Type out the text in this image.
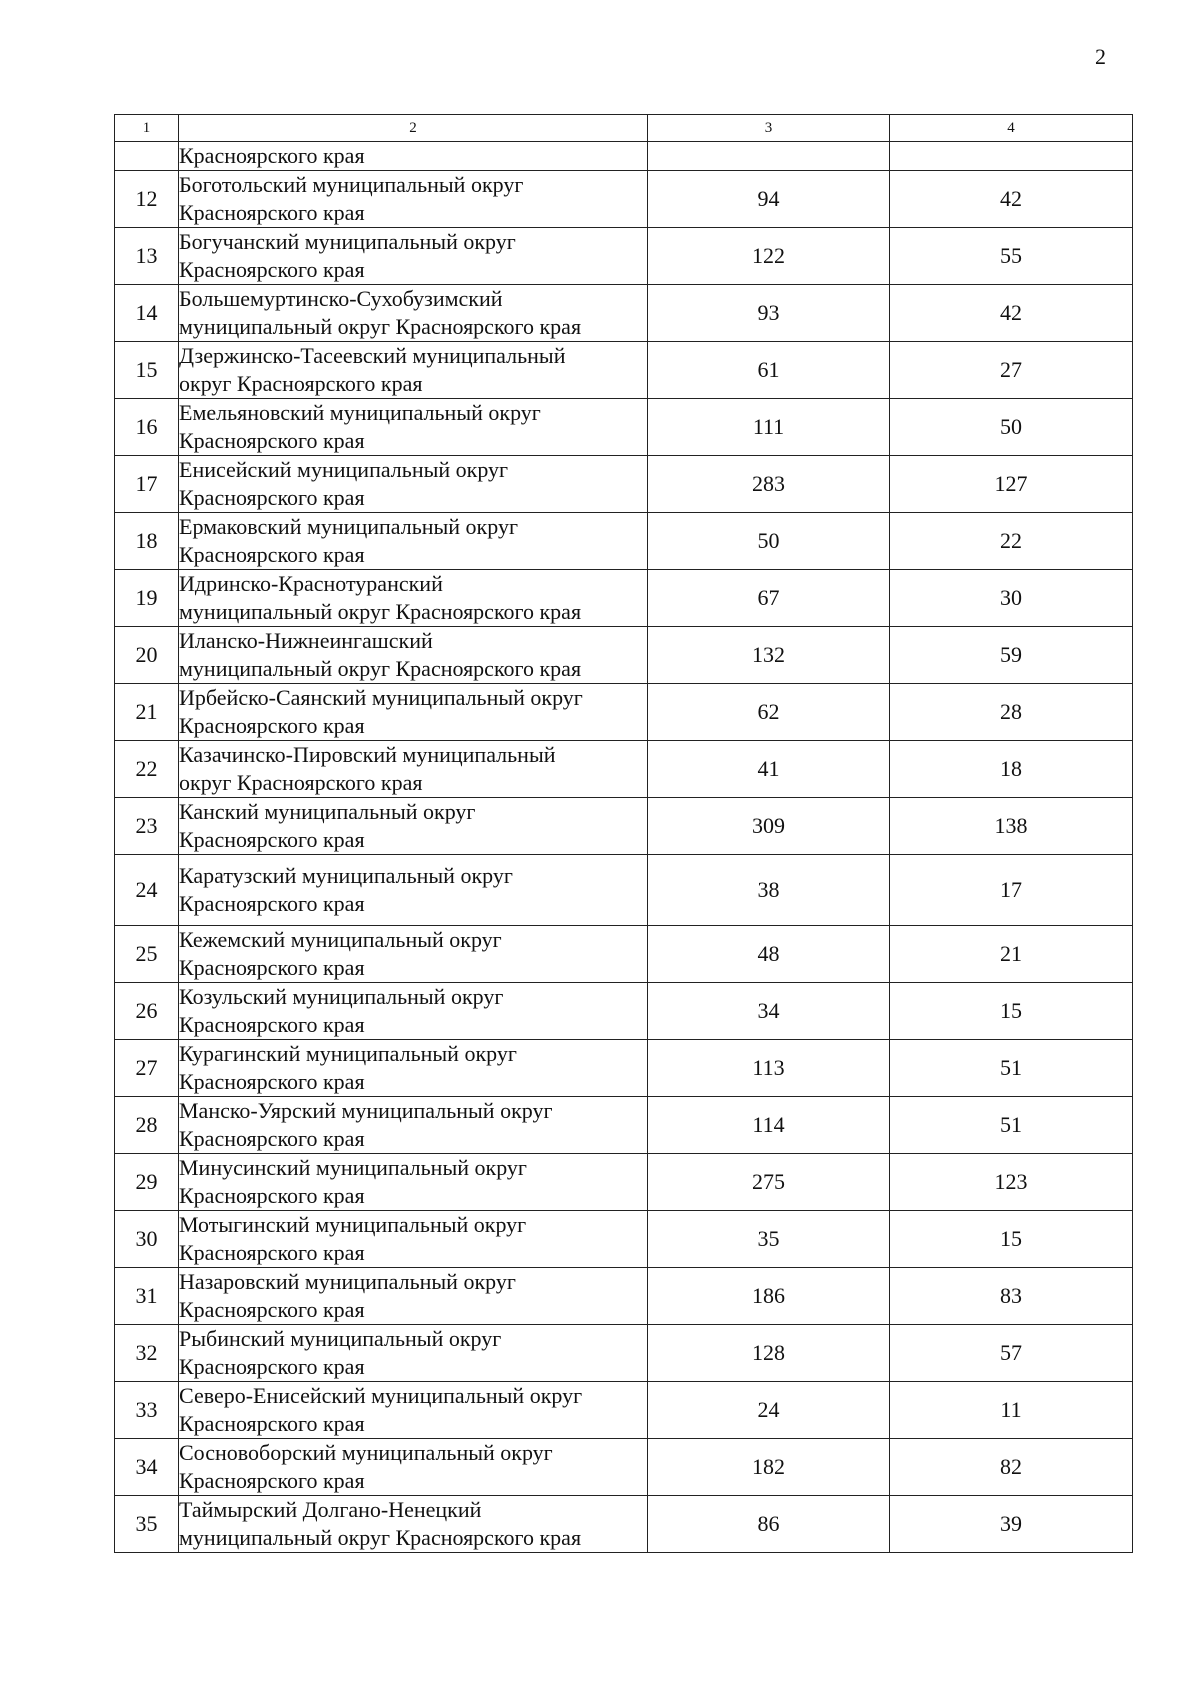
2
1	2	3	4
	Красноярского края		
12	Боготольский муниципальный округ
Красноярского края	94	42
13	Богучанский муниципальный округ
Красноярского края	122	55
14	Большемуртинско-Сухобузимский
муниципальный округ Красноярского края	93	42
15	Дзержинско-Тасеевский муниципальный
округ Красноярского края	61	27
16	Емельяновский муниципальный округ
Красноярского края	111	50
17	Енисейский муниципальный округ
Красноярского края	283	127
18	Ермаковский муниципальный округ
Красноярского края	50	22
19	Идринско-Краснотуранский
муниципальный округ Красноярского края	67	30
20	Иланско-Нижнеингашский
муниципальный округ Красноярского края	132	59
21	Ирбейско-Саянский муниципальный округ
Красноярского края	62	28
22	Казачинско-Пировский муниципальный
округ Красноярского края	41	18
23	Канский муниципальный округ
Красноярского края	309	138
24	Каратузский муниципальный округ
Красноярского края	38	17
25	Кежемский муниципальный округ
Красноярского края	48	21
26	Козульский муниципальный округ
Красноярского края	34	15
27	Курагинский муниципальный округ
Красноярского края	113	51
28	Манско-Уярский муниципальный округ
Красноярского края	114	51
29	Минусинский муниципальный округ
Красноярского края	275	123
30	Мотыгинский муниципальный округ
Красноярского края	35	15
31	Назаровский муниципальный округ
Красноярского края	186	83
32	Рыбинский муниципальный округ
Красноярского края	128	57
33	Северо-Енисейский муниципальный округ
Красноярского края	24	11
34	Сосновоборский муниципальный округ
Красноярского края	182	82
35	Таймырский Долгано-Ненецкий
муниципальный округ Красноярского края	86	39
